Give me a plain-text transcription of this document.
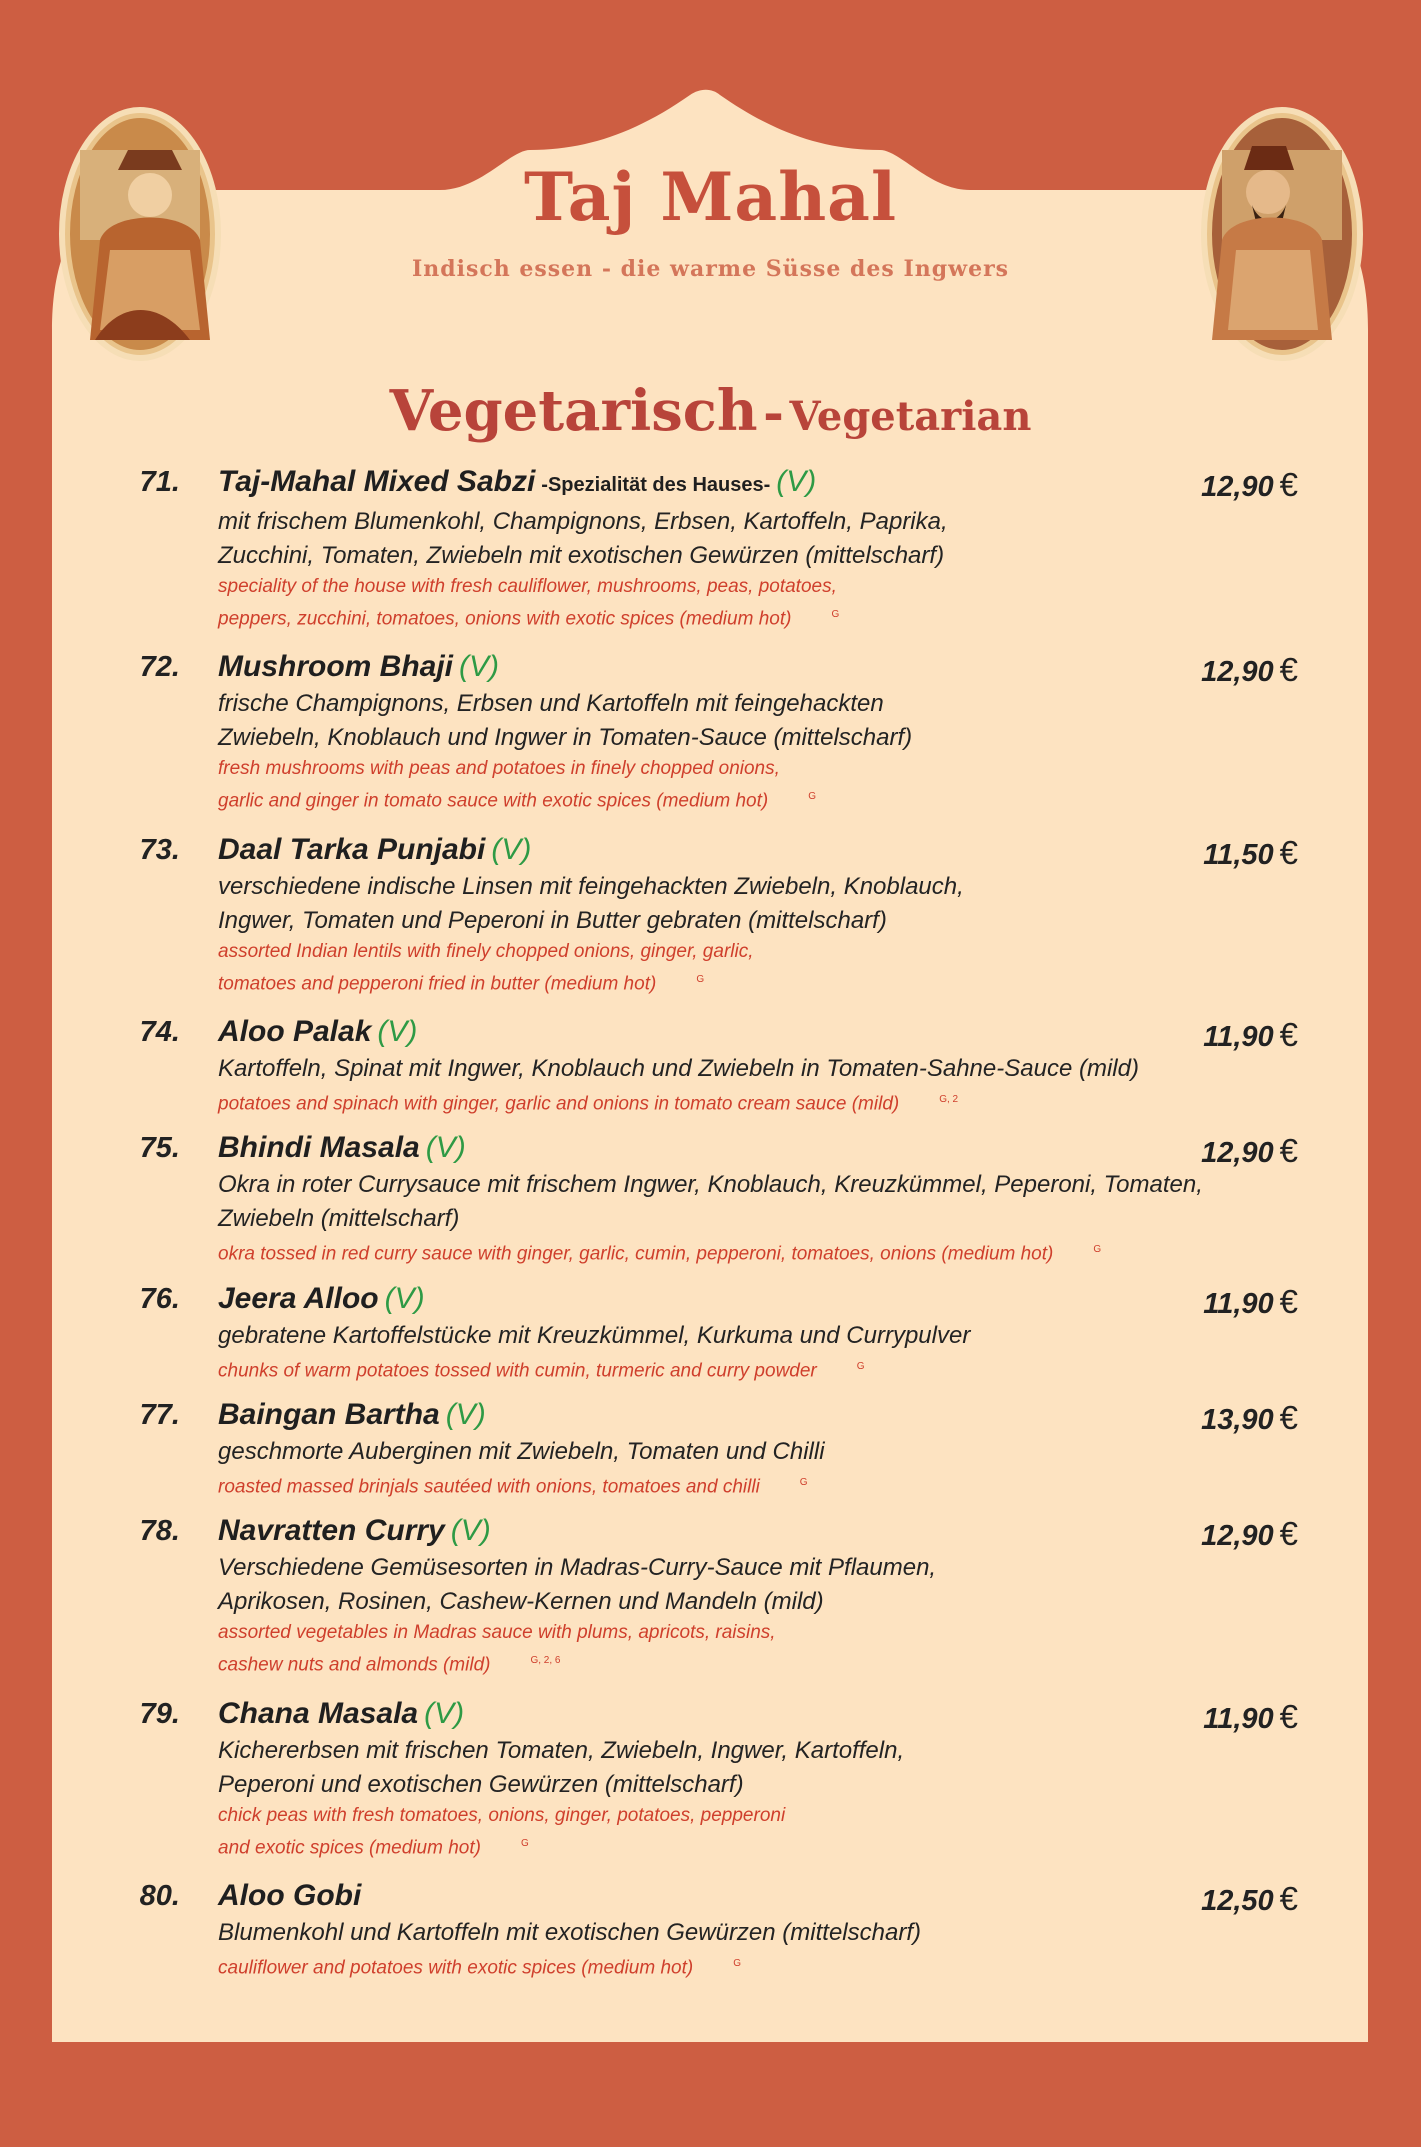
Taj Mahal
Indisch essen - die warme Süsse des Ingwers
Vegetarisch - Vegetarian
71.	12,90 €
Taj-Mahal Mixed Sabzi -Spezialität des Hauses- (V)
mit frischem Blumenkohl, Champignons, Erbsen, Kartoffeln, Paprika,
Zucchini, Tomaten, Zwiebeln mit exotischen Gewürzen (mittelscharf)
speciality of the house with fresh cauliflower, mushrooms, peas, potatoes,
peppers, zucchini, tomatoes, onions with exotic spices (medium hot)	$^G$
72.	12,90 €
Mushroom Bhaji (V)
frische Champignons, Erbsen und Kartoffeln mit feingehackten
Zwiebeln, Knoblauch und Ingwer in Tomaten-Sauce (mittelscharf)
fresh mushrooms with peas and potatoes in finely chopped onions,
garlic and ginger in tomato sauce with exotic spices (medium hot)	$^G$
73.	11,50 €
Daal Tarka Punjabi (V)
verschiedene indische Linsen mit feingehackten Zwiebeln, Knoblauch,
Ingwer, Tomaten und Peperoni in Butter gebraten (mittelscharf)
assorted Indian lentils with finely chopped onions, ginger, garlic,
tomatoes and pepperoni fried in butter (medium hot)	$^G$
74.	11,90 €
Aloo Palak (V)
Kartoffeln, Spinat mit Ingwer, Knoblauch und Zwiebeln in Tomaten-Sahne-Sauce (mild)
potatoes and spinach with ginger, garlic and onions in tomato cream sauce (mild)	$^{G, 2}$
75.	12,90 €
Bhindi Masala (V)
Okra in roter Currysauce mit frischem Ingwer, Knoblauch, Kreuzkümmel, Peperoni, Tomaten,
Zwiebeln (mittelscharf)
okra tossed in red curry sauce with ginger, garlic, cumin, pepperoni, tomatoes, onions (medium hot)	$^G$
76.	11,90 €
Jeera Alloo (V)
gebratene Kartoffelstücke mit Kreuzkümmel, Kurkuma und Currypulver
chunks of warm potatoes tossed with cumin, turmeric and curry powder	$^G$
77.	13,90 €
Baingan Bartha (V)
geschmorte Auberginen mit Zwiebeln, Tomaten und Chilli
roasted massed brinjals sautéed with onions, tomatoes and chilli	$^G$
78.	12,90 €
Navratten Curry (V)
Verschiedene Gemüsesorten in Madras-Curry-Sauce mit Pflaumen,
Aprikosen, Rosinen, Cashew-Kernen und Mandeln (mild)
assorted vegetables in Madras sauce with plums, apricots, raisins,
cashew nuts and almonds (mild)	$^{G, 2, 6}$
79.	11,90 €
Chana Masala (V)
Kichererbsen mit frischen Tomaten, Zwiebeln, Ingwer, Kartoffeln,
Peperoni und exotischen Gewürzen (mittelscharf)
chick peas with fresh tomatoes, onions, ginger, potatoes, pepperoni
and exotic spices (medium hot)	$^G$
80.	12,50 €
Aloo Gobi
Blumenkohl und Kartoffeln mit exotischen Gewürzen (mittelscharf)
cauliflower and potatoes with exotic spices (medium hot)	$^G$
